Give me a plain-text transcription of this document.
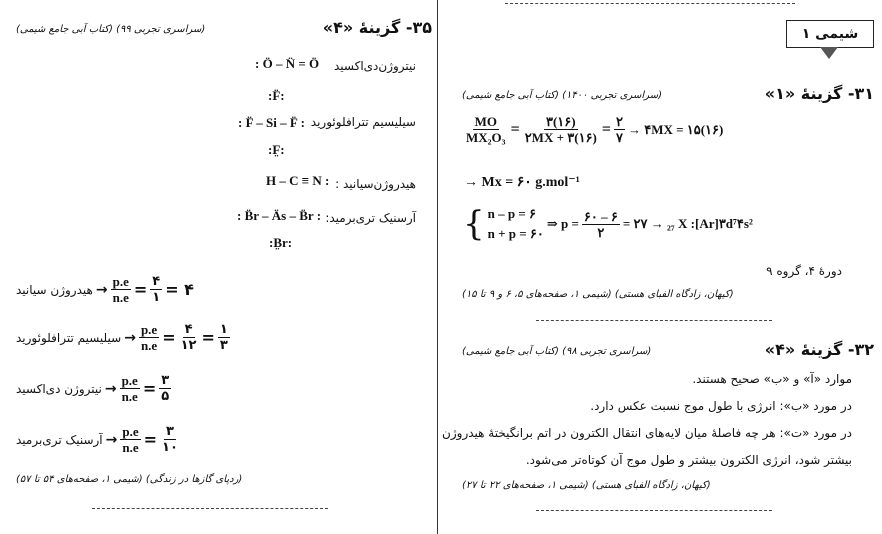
شیمی ۱
۳۵- گزینهٔ «۴»
(سراسری تجربی ۹۹) (کتاب آبی جامع شیمی)
نیتروژن‌دی‌اکسید
: Ö – N̈ = Ö
:F̈:
سیلیسیم تترافلوئورید
: F̈ – Si – F̈ :
:F̤:
هیدروژن‌سیانید :
H – C ≡ N :
آرسنیک تری‌برمید:
: B̈r – Äs – B̈r :
:B̤r:
هیدروژن سیانید → $\frac{p.e}{n.e} = \frac{۴}{۱}$ = ۴
سیلیسیم تترافلوئورید → $\frac{p.e}{n.e} = \frac{۴}{۱۲} = \frac{۱}{۳}$
نیتروژن دی‌اکسید → $\frac{p.e}{n.e} = \frac{۳}{۵}$
آرسنیک تری‌برمید → $\frac{p.e}{n.e} = \frac{۳}{۱۰}$
(ردپای گازها در زندگی) (شیمی ۱، صفحه‌های ۵۴ تا ۵۷)
۳۱- گزینهٔ «۱»
(سراسری تجربی ۱۴۰۰) (کتاب آبی جامع شیمی)
$\frac{MO}{\text{MX₂O₃}} = \frac{۳(۱۶)}{۲MX + ۳(۱۶)} = \frac{۲}{۷}$ → ۴MX = ۱۵(۱۶)
→ Mx = ۶۰ g.mol⁻¹
{ n – p = ۶
n + p = ۶۰
⇒ $p = \frac{۶۰ - ۶}{۲}$ = ۲۷ → ₂₇ X :[Ar]۳d⁷۴s²
دورهٔ ۴، گروه ۹
(کیهان، زادگاه الفبای هستی) (شیمی ۱، صفحه‌های ۵، ۶ و ۹ تا ۱۵)
۳۲- گزینهٔ «۴»
(سراسری تجربی ۹۸) (کتاب آبی جامع شیمی)
موارد «آ» و «ب» صحیح هستند.
در مورد «ب»: انرژی با طول موج نسبت عکس دارد.
در مورد «ت»: هر چه فاصلهٔ میان لایه‌های انتقال الکترون در اتم برانگیختهٔ هیدروژن
بیشتر شود، انرژی الکترون بیشتر و طول موج آن کوتاه‌تر می‌شود.
(کیهان، زادگاه الفبای هستی) (شیمی ۱، صفحه‌های ۲۲ تا ۲۷)
